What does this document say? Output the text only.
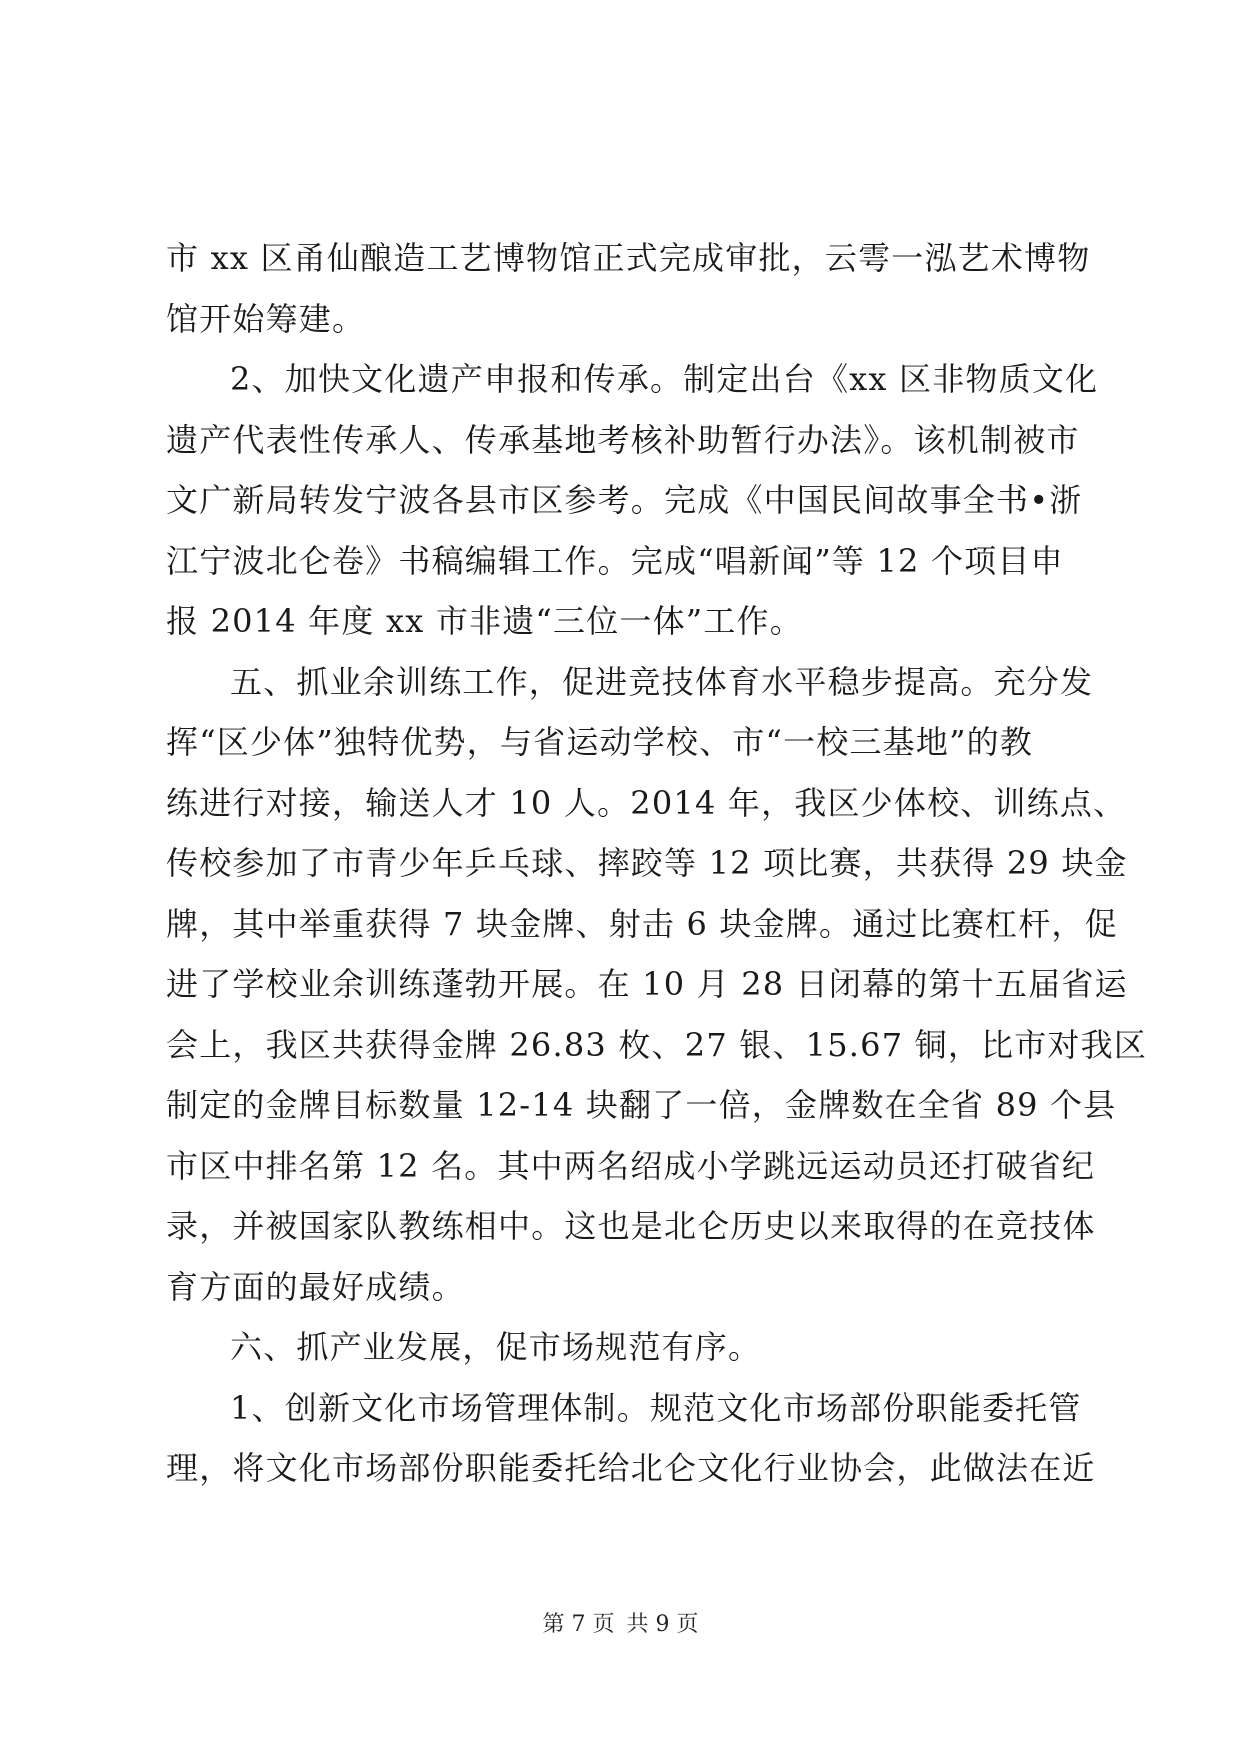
市 xx 区甬仙酿造工艺博物馆正式完成审批，云雩一泓艺术博物
馆开始筹建。
2、加快文化遗产申报和传承。制定出台《xx 区非物质文化
遗产代表性传承人、传承基地考核补助暂行办法》。该机制被市
文广新局转发宁波各县市区参考。完成《中国民间故事全书•浙
江宁波北仑卷》书稿编辑工作。完成“唱新闻”等 12 个项目申
报 2014 年度 xx 市非遗“三位一体”工作。
五、抓业余训练工作，促进竞技体育水平稳步提高。充分发
挥“区少体”独特优势，与省运动学校、市“一校三基地”的教
练进行对接，输送人才 10 人。2014 年，我区少体校、训练点、
传校参加了市青少年乒乓球、摔跤等 12 项比赛，共获得 29 块金
牌，其中举重获得 7 块金牌、射击 6 块金牌。通过比赛杠杆，促
进了学校业余训练蓬勃开展。在 10 月 28 日闭幕的第十五届省运
会上，我区共获得金牌 26.83 枚、27 银、15.67 铜，比市对我区
制定的金牌目标数量 12-14 块翻了一倍，金牌数在全省 89 个县
市区中排名第 12 名。其中两名绍成小学跳远运动员还打破省纪
录，并被国家队教练相中。这也是北仑历史以来取得的在竞技体
育方面的最好成绩。
六、抓产业发展，促市场规范有序。
1、创新文化市场管理体制。规范文化市场部份职能委托管
理，将文化市场部份职能委托给北仑文化行业协会，此做法在近
第 7 页 共 9 页
